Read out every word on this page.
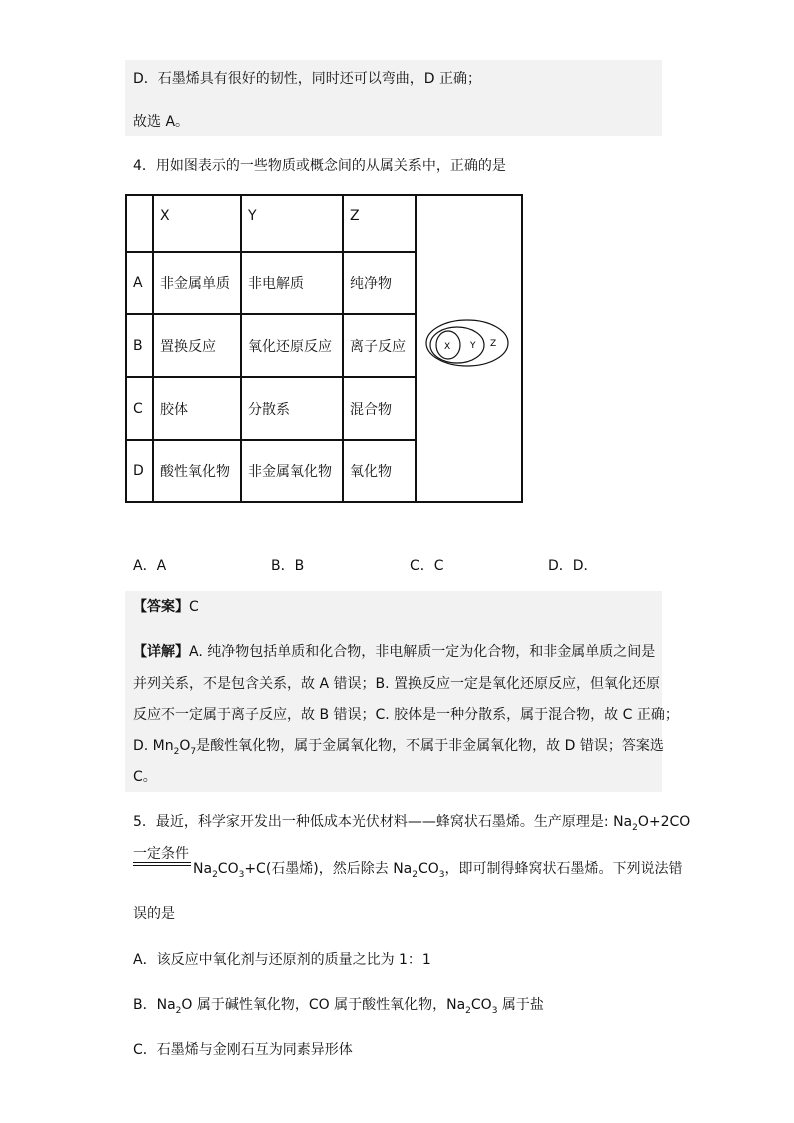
D．石墨烯具有很好的韧性，同时还可以弯曲，D 正确；
故选 A。
4．用如图表示的一些物质或概念间的从属关系中，正确的是
	X	Y	Z	X Y Z

A	非金属单质	非电解质	纯净物	
B	置换反应	氧化还原反应	离子反应	
C	胶体	分散系	混合物	
D	酸性氧化物	非金属氧化物	氧化物	
A．A	B．B	C．C	D．D．
【答案】C
【详解】A. 纯净物包括单质和化合物，非电解质一定为化合物，和非金属单质之间是
并列关系，不是包含关系，故 A 错误；B. 置换反应一定是氧化还原反应，但氧化还原
反应不一定属于离子反应，故 B 错误；C. 胶体是一种分散系，属于混合物，故 C 正确；
D. $Mn_2O_7$是酸性氧化物，属于金属氧化物，不属于非金属氧化物，故 D 错误；答案选
C。
5．最近，科学家开发出一种低成本光伏材料——蜂窝状石墨烯。生产原理是: $Na_2O+2CO$
一定条件
$Na_2CO_3+C$(石墨烯)，然后除去 $Na_2CO_3$，即可制得蜂窝状石墨烯。下列说法错
误的是
A．该反应中氧化剂与还原剂的质量之比为 1：1
B．$Na_2O$ 属于碱性氧化物，CO 属于酸性氧化物，$Na_2CO_3$ 属于盐
C．石墨烯与金刚石互为同素异形体
